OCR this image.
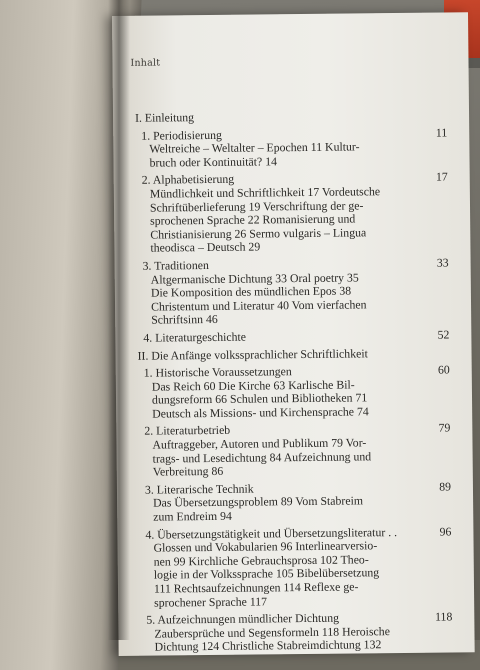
Inhalt
I. Einleitung
1. Periodisierung	11
Weltreiche – Weltalter – Epochen 11 Kultur-
bruch oder Kontinuität? 14
2. Alphabetisierung	17
Mündlichkeit und Schriftlichkeit 17 Vordeutsche
Schriftüberlieferung 19 Verschriftung der ge-
sprochenen Sprache 22 Romanisierung und
Christianisierung 26 Sermo vulgaris – Lingua
theodisca – Deutsch 29
3. Traditionen	33
Altgermanische Dichtung 33 Oral poetry 35
Die Komposition des mündlichen Epos 38
Christentum und Literatur 40 Vom vierfachen
Schriftsinn 46
4. Literaturgeschichte	52
II. Die Anfänge volkssprachlicher Schriftlichkeit
1. Historische Voraussetzungen	60
Das Reich 60 Die Kirche 63 Karlische Bil-
dungsreform 66 Schulen und Bibliotheken 71
Deutsch als Missions- und Kirchensprache 74
2. Literaturbetrieb	79
Auftraggeber, Autoren und Publikum 79 Vor-
trags- und Lesedichtung 84 Aufzeichnung und
Verbreitung 86
3. Literarische Technik	89
Das Übersetzungsproblem 89 Vom Stabreim
zum Endreim 94
4. Übersetzungstätigkeit und Übersetzungsliteratur . .	96
Glossen und Vokabularien 96 Interlinearversio-
nen 99 Kirchliche Gebrauchsprosa 102 Theo-
logie in der Volkssprache 105 Bibelübersetzung
111 Rechtsaufzeichnungen 114 Reflexe ge-
sprochener Sprache 117
5. Aufzeichnungen mündlicher Dichtung	118
Zaubersprüche und Segensformeln 118 Heroische
Dichtung 124 Christliche Stabreimdichtung 132
